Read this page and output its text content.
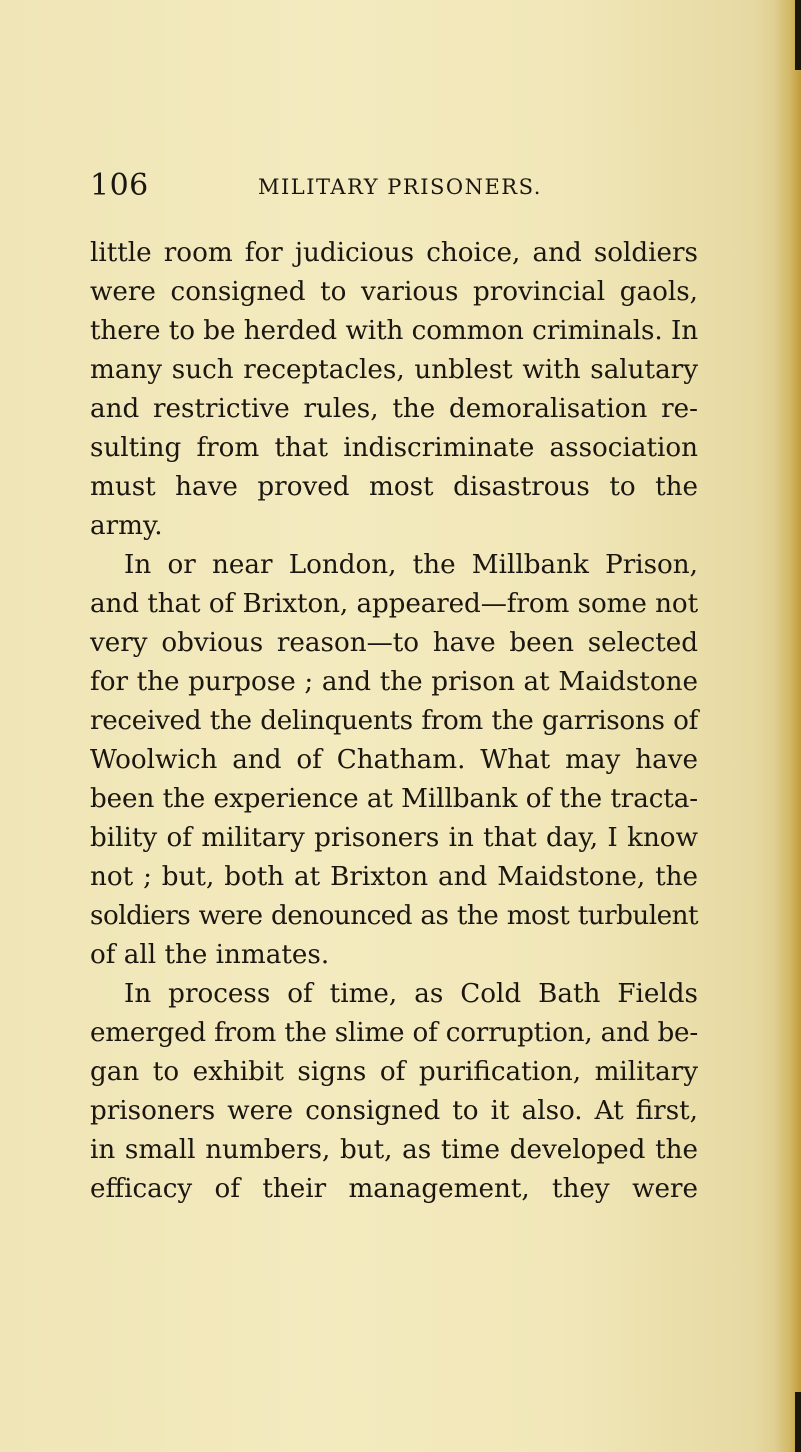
106	MILITARY PRISONERS.

little room for judicious choice, and soldiers
were consigned to various provincial gaols,
there to be herded with common criminals. In
many such receptacles, unblest with salutary
and restrictive rules, the demoralisation re-
sulting from that indiscriminate association
must have proved most disastrous to the
army.

In or near London, the Millbank Prison,
and that of Brixton, appeared—from some not
very obvious reason—to have been selected
for the purpose ; and the prison at Maidstone
received the delinquents from the garrisons of
Woolwich and of Chatham. What may have
been the experience at Millbank of the tracta-
bility of military prisoners in that day, I know
not ; but, both at Brixton and Maidstone, the
soldiers were denounced as the most turbulent
of all the inmates.

In process of time, as Cold Bath Fields
emerged from the slime of corruption, and be-
gan to exhibit signs of purification, military
prisoners were consigned to it also. At first,
in small numbers, but, as time developed the
efficacy of their management, they were
